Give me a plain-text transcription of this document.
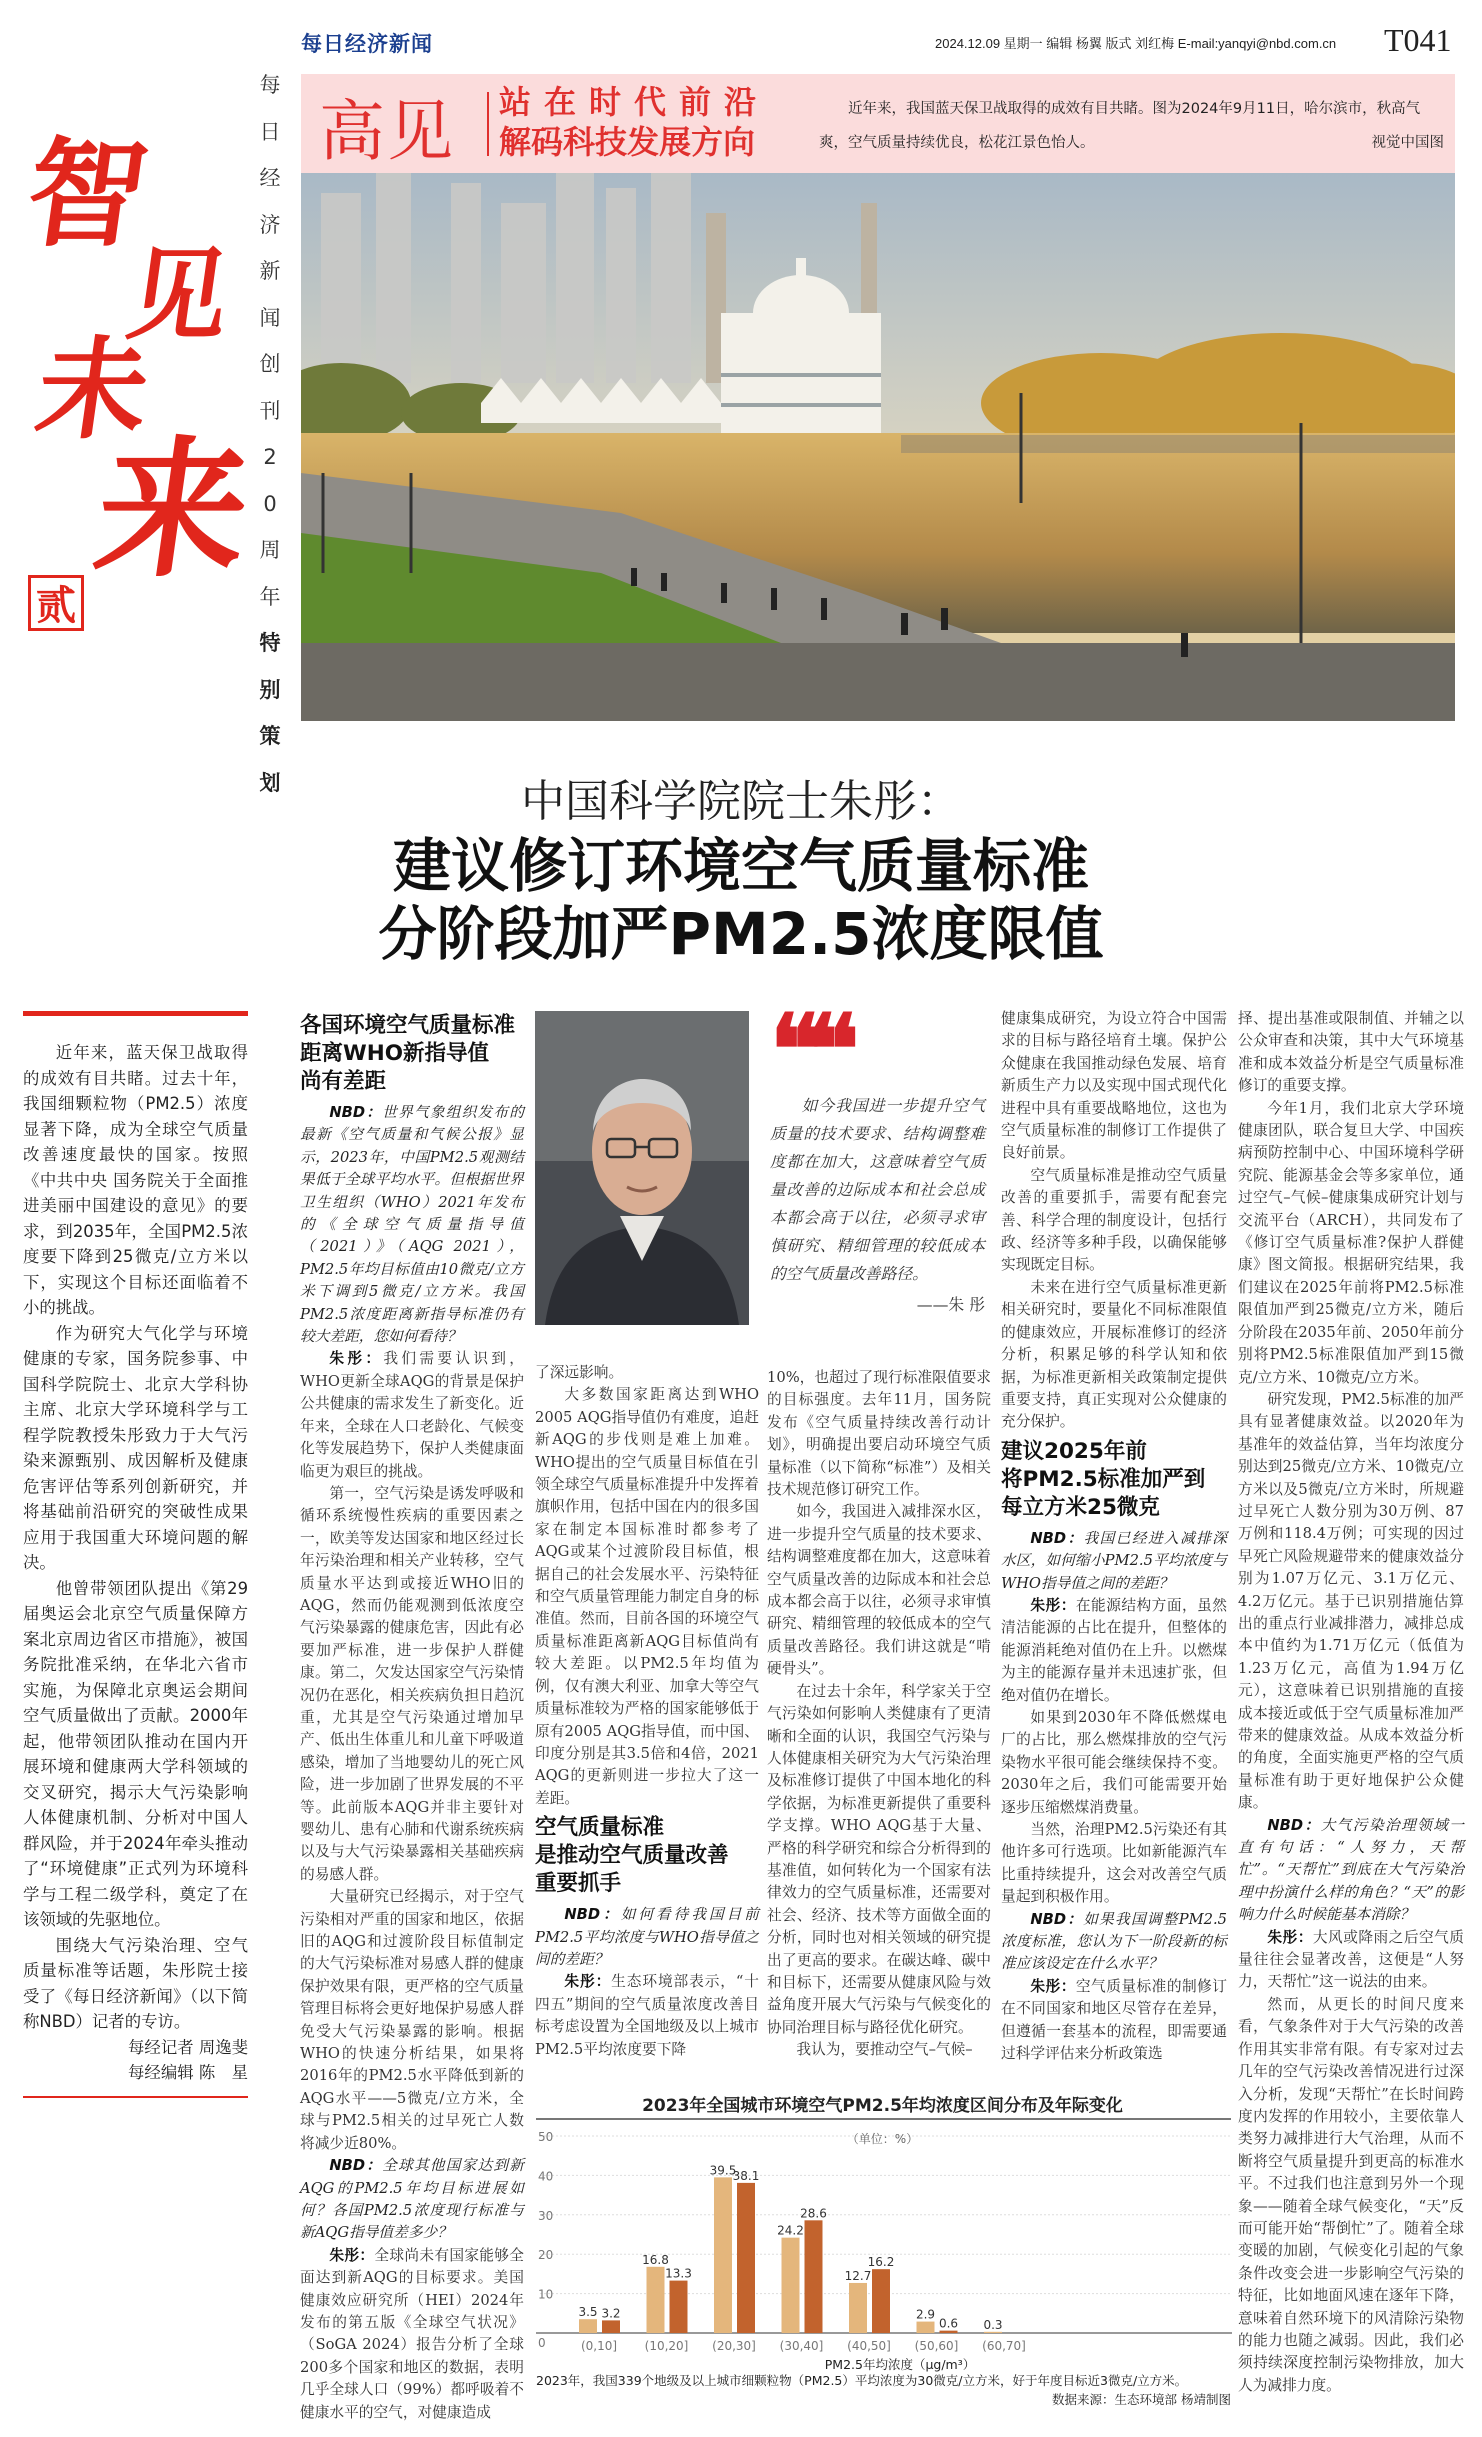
每日经济新闻	2024.12.09 星期一 编辑 杨翼 版式 刘红梅 E-mail:yanqyi@nbd.com.cn T041
高见 站在时代前沿
解码科技发展方向
近年来，我国蓝天保卫战取得的成效有目共睹。图为2024年9月11日，哈尔滨市，秋高气爽，空气质量持续优良，松花江景色怡人。	视觉中国图
智
见
未
来
贰
每日经济新闻创刊20周年特别策划	中国科学院院士朱彤：
建议修订环境空气质量标准
分阶段加严PM2.5浓度限值

近年来，蓝天保卫战取得的成效有目共睹。过去十年，我国细颗粒物（PM2.5）浓度显著下降，成为全球空气质量改善速度最快的国家。按照《中共中央 国务院关于全面推进美丽中国建设的意见》的要求，到2035年，全国PM2.5浓度要下降到25微克/立方米以下，实现这个目标还面临着不小的挑战。

作为研究大气化学与环境健康的专家，国务院参事、中国科学院院士、北京大学科协主席、北京大学环境科学与工程学院教授朱彤致力于大气污染来源甄别、成因解析及健康危害评估等系列创新研究，并将基础前沿研究的突破性成果应用于我国重大环境问题的解决。

他曾带领团队提出《第29届奥运会北京空气质量保障方案北京周边省区市措施》，被国务院批准采纳，在华北六省市实施，为保障北京奥运会期间空气质量做出了贡献。2000年起，他带领团队推动在国内开展环境和健康两大学科领域的交叉研究，揭示大气污染影响人体健康机制、分析对中国人群风险，并于2024年牵头推动了“环境健康”正式列为环境科学与工程二级学科，奠定了在该领域的先驱地位。

围绕大气污染治理、空气质量标准等话题，朱彤院士接受了《每日经济新闻》（以下简称NBD）记者的专访。

每经记者 周逸斐

每经编辑 陈　星

❝❝
如今我国进一步提升空气质量的技术要求、结构调整难度都在加大，这意味着空气质量改善的边际成本和社会总成本都会高于以往，必须寻求审慎研究、精细管理的较低成本的空气质量改善路径。
——朱 彤
各国环境空气质量标准
距离WHO新指导值
尚有差距

NBD：世界气象组织发布的最新《空气质量和气候公报》显示，2023年，中国PM2.5观测结果低于全球平均水平。但根据世界卫生组织（WHO）2021年发布的《全球空气质量指导值（2021）》（AQG 2021），PM2.5年均目标值由10微克/立方米下调到5微克/立方米。我国PM2.5浓度距离新指导标准仍有较大差距，您如何看待？

朱彤：我们需要认识到，WHO更新全球AQG的背景是保护公共健康的需求发生了新变化。近年来，全球在人口老龄化、气候变化等发展趋势下，保护人类健康面临更为艰巨的挑战。

第一，空气污染是诱发呼吸和循环系统慢性疾病的重要因素之一，欧美等发达国家和地区经过长年污染治理和相关产业转移，空气质量水平达到或接近WHO旧的AQG，然而仍能观测到低浓度空气污染暴露的健康危害，因此有必要加严标准，进一步保护人群健康。第二，欠发达国家空气污染情况仍在恶化，相关疾病负担日趋沉重，尤其是空气污染通过增加早产、低出生体重儿和儿童下呼吸道感染，增加了当地婴幼儿的死亡风险，进一步加剧了世界发展的不平等。此前版本AQG并非主要针对婴幼儿、患有心肺和代谢系统疾病以及与大气污染暴露相关基础疾病的易感人群。

大量研究已经揭示，对于空气污染相对严重的国家和地区，依据旧的AQG和过渡阶段目标值制定的大气污染标准对易感人群的健康保护效果有限，更严格的空气质量管理目标将会更好地保护易感人群免受大气污染暴露的影响。根据WHO的快速分析结果，如果将2016年的PM2.5水平降低到新的AQG水平——5微克/立方米，全球与PM2.5相关的过早死亡人数将减少近80%。

NBD：全球其他国家达到新AQG的PM2.5年均目标进展如何？各国PM2.5浓度现行标准与新AQG指导值差多少？

朱彤：全球尚未有国家能够全面达到新AQG的目标要求。美国健康效应研究所（HEI）2024年发布的第五版《全球空气状况》（SoGA 2024）报告分析了全球200多个国家和地区的数据，表明几乎全球人口（99%）都呼吸着不健康水平的空气，对健康造成

了深远影响。

大多数国家距离达到WHO 2005 AQG指导值仍有难度，追赶新AQG的步伐则是难上加难。WHO提出的空气质量目标值在引领全球空气质量标准提升中发挥着旗帜作用，包括中国在内的很多国家在制定本国标准时都参考了AQG或某个过渡阶段目标值，根据自己的社会发展水平、污染特征和空气质量管理能力制定自身的标准值。然而，目前各国的环境空气质量标准距离新AQG目标值尚有较大差距。以PM2.5年均值为例，仅有澳大利亚、加拿大等空气质量标准较为严格的国家能够低于原有2005 AQG指导值，而中国、印度分别是其3.5倍和4倍，2021 AQG的更新则进一步拉大了这一差距。

空气质量标准
是推动空气质量改善
重要抓手

NBD：如何看待我国目前PM2.5平均浓度与WHO指导值之间的差距？

朱彤：生态环境部表示，“十四五”期间的空气质量浓度改善目标考虑设置为全国地级及以上城市PM2.5平均浓度要下降

10%，也超过了现行标准限值要求的目标强度。去年11月，国务院发布《空气质量持续改善行动计划》，明确提出要启动环境空气质量标准（以下简称“标准”）及相关技术规范修订研究工作。

如今，我国进入减排深水区，进一步提升空气质量的技术要求、结构调整难度都在加大，这意味着空气质量改善的边际成本和社会总成本都会高于以往，必须寻求审慎研究、精细管理的较低成本的空气质量改善路径。我们讲这就是“啃硬骨头”。

在过去十余年，科学家关于空气污染如何影响人类健康有了更清晰和全面的认识，我国空气污染与人体健康相关研究为大气污染治理及标准修订提供了中国本地化的科学依据，为标准更新提供了重要科学支撑。WHO AQG基于大量、严格的科学研究和综合分析得到的基准值，如何转化为一个国家有法律效力的空气质量标准，还需要对社会、经济、技术等方面做全面的分析，同时也对相关领域的研究提出了更高的要求。在碳达峰、碳中和目标下，还需要从健康风险与效益角度开展大气污染与气候变化的协同治理目标与路径优化研究。

我认为，要推动空气–气候–

健康集成研究，为设立符合中国需求的目标与路径培育土壤。保护公众健康在我国推动绿色发展、培育新质生产力以及实现中国式现代化进程中具有重要战略地位，这也为空气质量标准的制修订工作提供了良好前景。

空气质量标准是推动空气质量改善的重要抓手，需要有配套完善、科学合理的制度设计，包括行政、经济等多种手段，以确保能够实现既定目标。

未来在进行空气质量标准更新相关研究时，要量化不同标准限值的健康效应，开展标准修订的经济分析，积累足够的科学认知和依据，为标准更新相关政策制定提供重要支持，真正实现对公众健康的充分保护。

建议2025年前
将PM2.5标准加严到
每立方米25微克

NBD：我国已经进入减排深水区，如何缩小PM2.5平均浓度与WHO指导值之间的差距？

朱彤：在能源结构方面，虽然清洁能源的占比在提升，但整体的能源消耗绝对值仍在上升。以燃煤为主的能源存量并未迅速扩张，但绝对值仍在增长。

如果到2030年不降低燃煤电厂的占比，那么燃煤排放的空气污染物水平很可能会继续保持不变。2030年之后，我们可能需要开始逐步压缩燃煤消费量。

当然，治理PM2.5污染还有其他许多可行选项。比如新能源汽车比重持续提升，这会对改善空气质量起到积极作用。

NBD：如果我国调整PM2.5浓度标准，您认为下一阶段新的标准应该设定在什么水平？

朱彤：空气质量标准的制修订在不同国家和地区尽管存在差异，但遵循一套基本的流程，即需要通过科学评估来分析政策选

择、提出基准或限制值、并辅之以公众审查和决策，其中大气环境基准和成本效益分析是空气质量标准修订的重要支撑。

今年1月，我们北京大学环境健康团队，联合复旦大学、中国疾病预防控制中心、中国环境科学研究院、能源基金会等多家单位，通过空气–气候–健康集成研究计划与交流平台（ARCH），共同发布了《修订空气质量标准?保护人群健康》图文简报。根据研究结果，我们建议在2025年前将PM2.5标准限值加严到25微克/立方米，随后分阶段在2035年前、2050年前分别将PM2.5标准限值加严到15微克/立方米、10微克/立方米。

研究发现，PM2.5标准的加严具有显著健康效益。以2020年为基准年的效益估算，当年均浓度分别达到25微克/立方米、10微克/立方米以及5微克/立方米时，所规避过早死亡人数分别为30万例、87万例和118.4万例；可实现的因过早死亡风险规避带来的健康效益分别为1.07万亿元、3.1万亿元、4.2万亿元。基于已识别措施估算出的重点行业减排潜力，减排总成本中值约为1.71万亿元（低值为1.23万亿元，高值为1.94万亿元），这意味着已识别措施的直接成本接近或低于空气质量标准加严带来的健康效益。从成本效益分析的角度，全面实施更严格的空气质量标准有助于更好地保护公众健康。

NBD：大气污染治理领域一直有句话：“人努力，天帮忙”。“天帮忙”到底在大气污染治理中扮演什么样的角色？“天”的影响力什么时候能基本消除？

朱彤：大风或降雨之后空气质量往往会显著改善，这便是“人努力，天帮忙”这一说法的由来。

然而，从更长的时间尺度来看，气象条件对于大气污染的改善作用其实非常有限。有专家对过去几年的空气污染改善情况进行过深入分析，发现“天帮忙”在长时间跨度内发挥的作用较小，主要依靠人类努力减排进行大气治理，从而不断将空气质量提升到更高的标准水平。不过我们也注意到另外一个现象——随着全球气候变化，“天”反而可能开始“帮倒忙”了。随着全球变暖的加剧，气候变化引起的气象条件改变会进一步影响空气污染的特征，比如地面风速在逐年下降，意味着自然环境下的风清除污染物的能力也随之减弱。因此，我们必须持续深度控制污染物排放，加大人为减排力度。

0
10
20
30
40
50
(0,10]
3.5 3.2
(10,20]
16.8
13.3
(20,30]
39.5
38.1
(30,40]
24.2
28.6
(40,50]
12.7
16.2
(50,60]
2.9
0.6
(60,70]
0.3
PM2.5年均浓度（μg/m³）
2023年全国城市环境空气PM2.5年均浓度区间分布及年际变化
（单位：%）
2023年，我国339个地级及以上城市细颗粒物（PM2.5）平均浓度为30微克/立方米，好于年度目标近3微克/立方米。
数据来源：生态环境部 杨靖制图
